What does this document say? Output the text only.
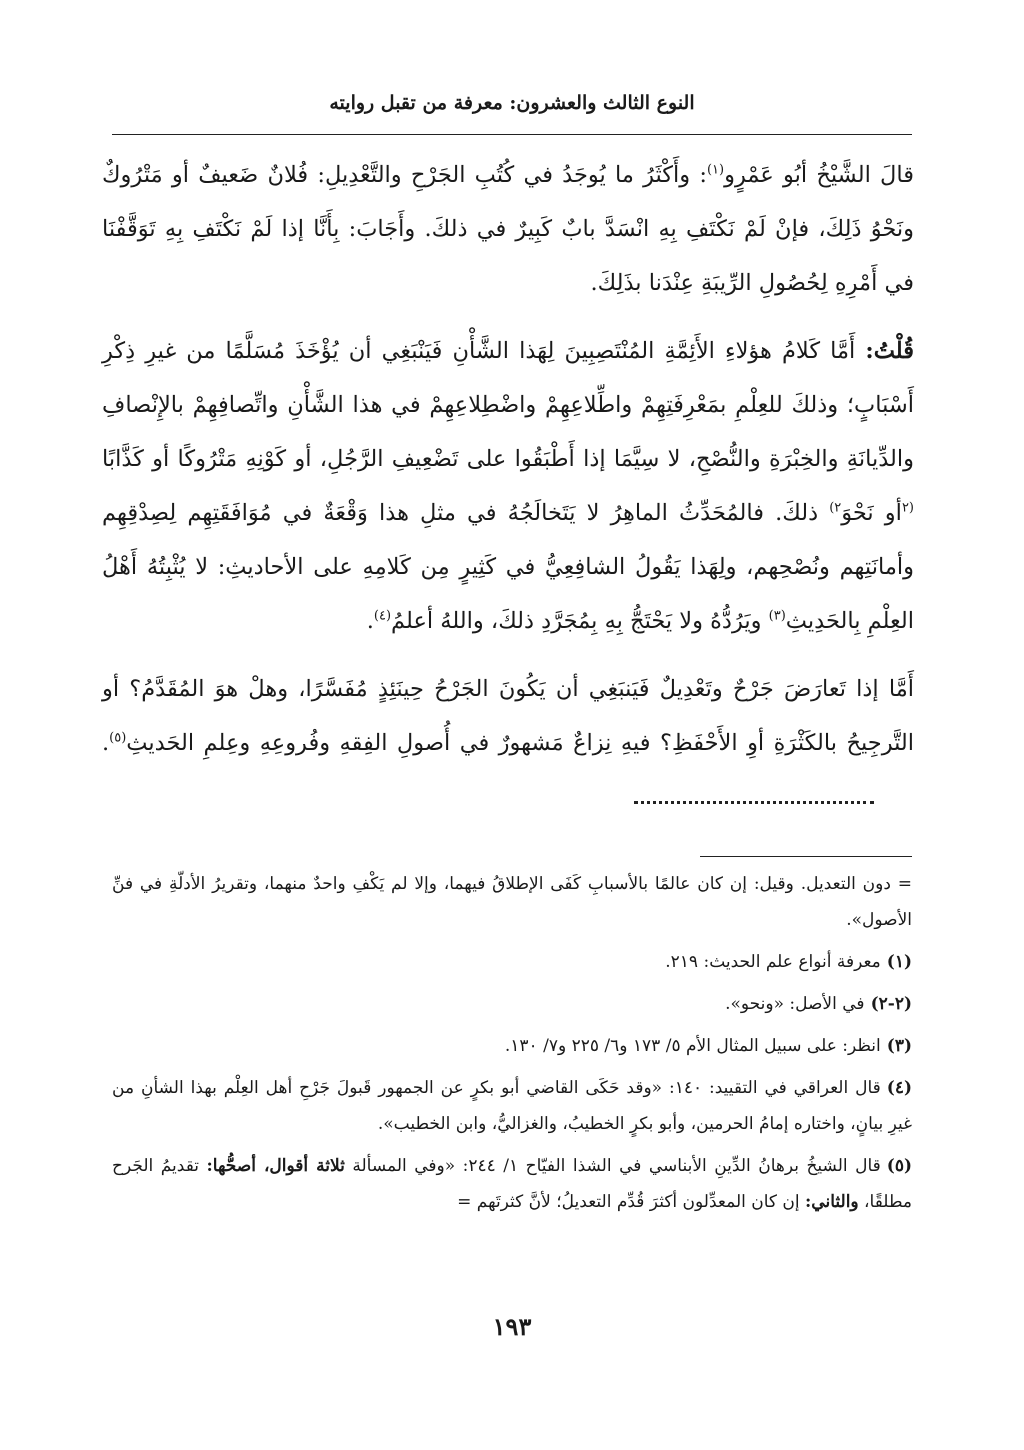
النوع الثالث والعشرون: معرفة من تقبل روايته

قالَ الشَّيْخُ أبُو عَمْرٍو$^{(١)}$: وأَكْثَرُ ما يُوجَدُ في كُتُبِ الجَرْحِ والتَّعْدِيلِ: فُلانٌ ضَعيفٌ أو مَتْرُوكٌ ونَحْوُ ذَلِكَ، فإنْ لَمْ نَكْتَفِ بِهِ انْسَدَّ بابٌ كَبِيرٌ في ذلكَ. وأَجَابَ: بِأَنَّا إذا لَمْ نَكْتَفِ بِهِ تَوَقَّفْنَا في أَمْرِهِ لِحُصُولِ الرِّيبَةِ عِنْدَنا بذَلِكَ.

قُلْتُ: أَمَّا كَلامُ هؤلاءِ الأَئِمَّةِ المُنْتَصِبِينَ لِهَذا الشَّأْنِ فَيَنْبَغِي أن يُؤْخَذَ مُسَلَّمًا من غيرِ ذِكْرِ أَسْبَابٍ؛ وذلكَ للعِلْمِ بمَعْرِفَتِهِمْ واطِّلاعِهِمْ واضْطِلاعِهِمْ في هذا الشَّأْنِ واتِّصافِهِمْ بالإِنْصافِ والدِّيانَةِ والخِبْرَةِ والنُّصْحِ، لا سِيَّمَا إذا أَطْبَقُوا على تَضْعِيفِ الرَّجُلِ، أو كَوْنِهِ مَتْرُوكًا أو كَذَّابًا $^{(٢}$أو نَحْوَ$^{٢)}$ ذلكَ. فالمُحَدِّثُ الماهِرُ لا يَتَخالَجُهُ في مثلِ هذا وَقْعَةٌ في مُوَافَقَتِهِم لِصِدْقِهِم وأمانَتِهم ونُصْحِهم، ولِهَذا يَقُولُ الشافِعِيُّ في كَثِيرٍ مِن كَلامِهِ على الأحاديثِ: لا يُثْبِتُهُ أَهْلُ العِلْمِ بِالحَدِيثِ$^{(٣)}$ ويَرُدُّهُ ولا يَحْتَجُّ بِهِ بِمُجَرَّدِ ذلكَ، واللهُ أعلمُ$^{(٤)}$.

أَمَّا إذا تَعارَضَ جَرْحٌ وتَعْدِيلٌ فَيَنبَغِي أن يَكُونَ الجَرْحُ حِينَئِذٍ مُفَسَّرًا، وهلْ هوَ المُقَدَّمُ؟ أو التَّرجِيحُ بالكَثْرَةِ أوِ الأَحْفَظِ؟ فيهِ نِزاعٌ مَشهورٌ في أُصولِ الفِقهِ وفُروعِهِ وعِلمِ الحَديثِ$^{(٥)}$.

= دون التعديل. وقيل: إن كان عالمًا بالأسبابِ كَفَى الإطلاقُ فيهما، وإلا لم يَكْفِ واحدٌ منهما، وتقريرُ الأدلّةِ في فنِّ الأصول».

(١)معرفة أنواع علم الحديث: ٢١٩.

(٢-٢)في الأصل: «ونحو».

(٣)انظر: على سبيل المثال الأم ٥/ ١٧٣ و٦/ ٢٢٥ و٧/ ١٣٠.

(٤)قال العراقي في التقييد: ١٤٠: «وقد حَكَى القاضي أبو بكرٍ عن الجمهور قَبولَ جَرْحِ أهل العِلْم بهذا الشأنِ من غيرِ بيانٍ، واختاره إمامُ الحرمين، وأبو بكرٍ الخطيبُ، والغزاليُّ، وابن الخطيب».

(٥)قال الشيخُ برهانُ الدِّينِ الأبناسي في الشذا الفيّاح ١/ ٢٤٤: «وفي المسألة ثلاثة أقوال، أصحُّها: تقديمُ الجَرح مطلقًا، والثاني: إن كان المعدِّلون أكثرَ قُدِّم التعديلُ؛ لأنَّ كثرتَهم =

١٩٣
